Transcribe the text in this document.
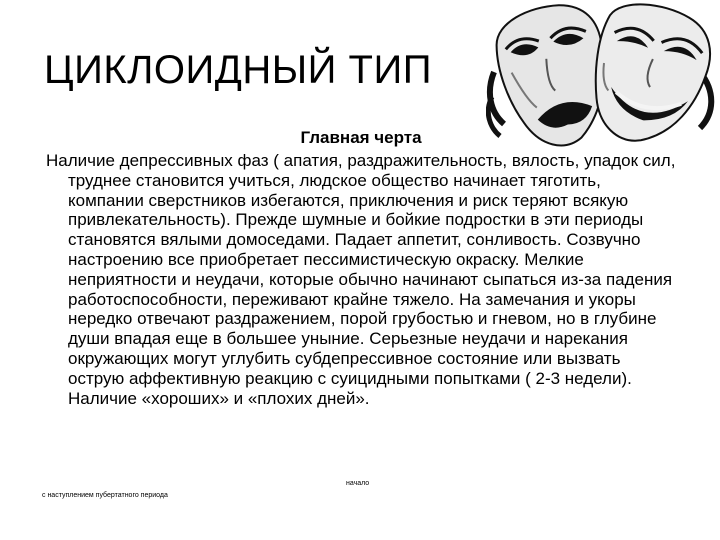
ЦИКЛОИДНЫЙ ТИП

Главная черта

Наличие депрессивных фаз ( апатия, раздражительность, вялость, упадок сил, труднее становится учиться, людское общество начинает тяготить, компании сверстников избегаются, приключения и риск теряют всякую привлекательность). Прежде шумные и бойкие подростки в эти периоды становятся вялыми домоседами. Падает аппетит, сонливость. Созвучно настроению все приобретает пессимистическую окраску. Мелкие неприятности и неудачи, которые обычно начинают сыпаться из-за падения работоспособности, переживают крайне тяжело. На замечания и укоры нередко отвечают раздражением, порой грубостью и гневом, но в глубине души впадая еще в большее уныние. Серьезные неудачи и нарекания окружающих могут углубить субдепрессивное состояние или вызвать острую аффективную реакцию с суицидными попытками ( 2-3 недели). Наличие «хороших» и «плохих дней».

начало
с наступлением пубертатного периода
